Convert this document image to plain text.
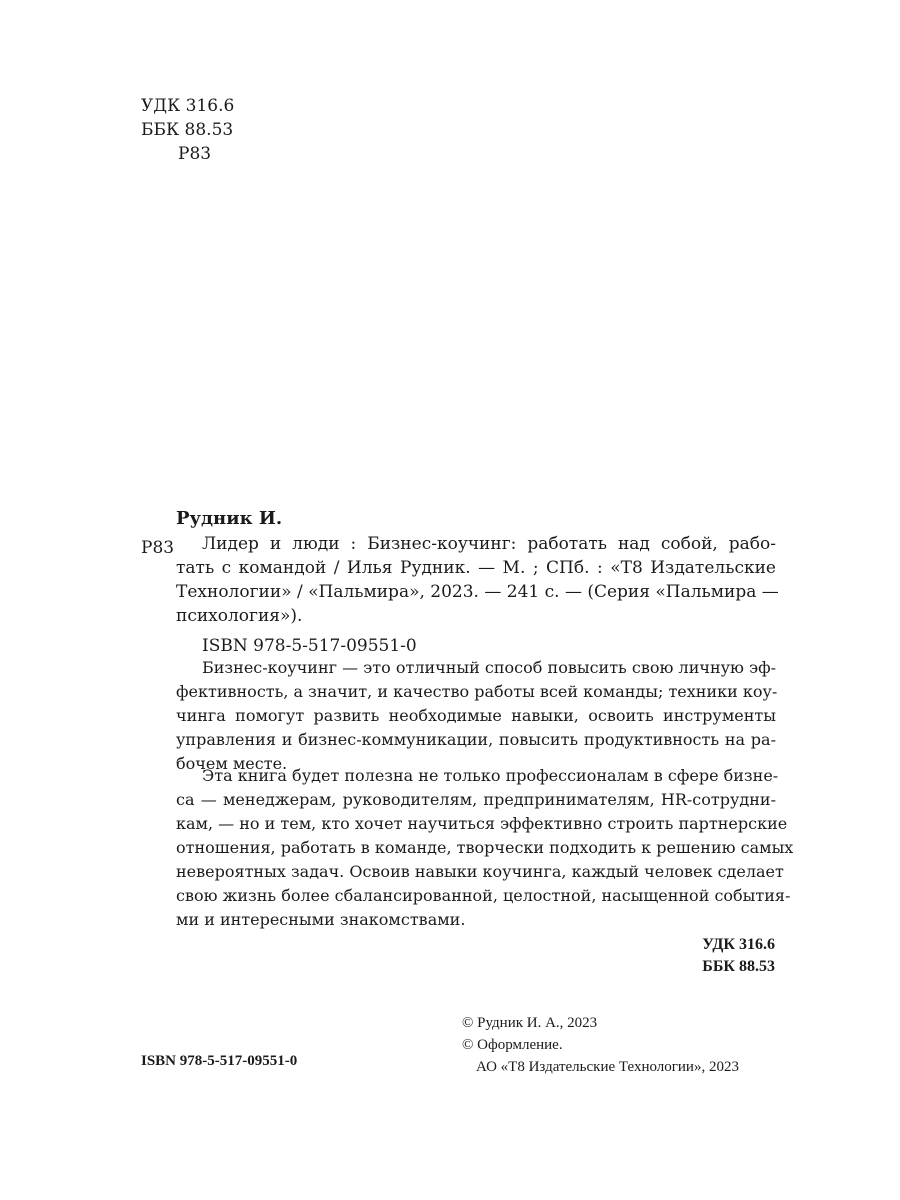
УДК 316.6
ББК 88.53
Р83
Рудник И.
Р83	Лидер и люди : Бизнес-коучинг: работать над собой, рабо-
тать с командой / Илья Рудник. — М. ; СПб. : «Т8 Издательские
Технологии» / «Пальмира», 2023. — 241 с. — (Серия «Пальмира —
психология»).
ISBN 978-5-517-09551-0
Бизнес-коучинг — это отличный способ повысить свою личную эф-
фективность, а значит, и качество работы всей команды; техники коу-
чинга помогут развить необходимые навыки, освоить инструменты
управления и бизнес-коммуникации, повысить продуктивность на ра-
бочем месте.
Эта книга будет полезна не только профессионалам в сфере бизне-
са — менеджерам, руководителям, предпринимателям, HR-сотрудни-
кам, — но и тем, кто хочет научиться эффективно строить партнерские
отношения, работать в команде, творчески подходить к решению самых
невероятных задач. Освоив навыки коучинга, каждый человек сделает
свою жизнь более сбалансированной, целостной, насыщенной события-
ми и интересными знакомствами.
УДК 316.6
ББК 88.53
© Рудник И. А., 2023
© Оформление.
АО «Т8 Издательские Технологии», 2023
ISBN 978-5-517-09551-0
